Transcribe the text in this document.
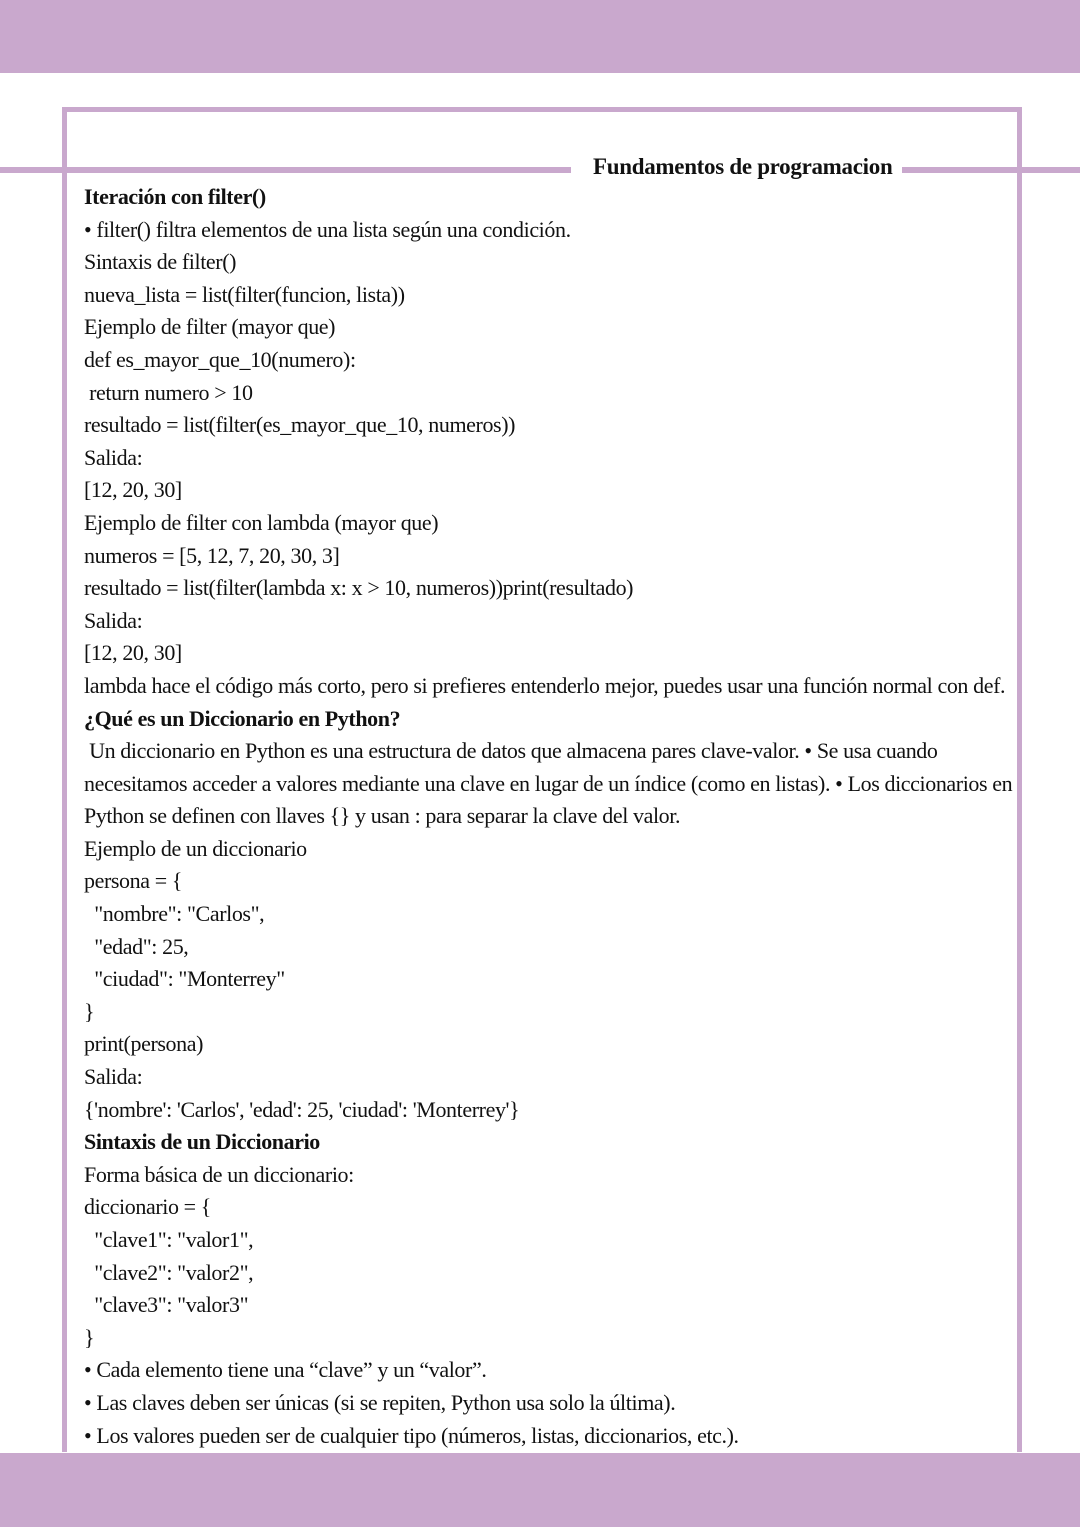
Fundamentos de programacion
Iteración con filter()
• filter() filtra elementos de una lista según una condición.
Sintaxis de filter()
nueva_lista = list(filter(funcion, lista))
Ejemplo de filter (mayor que)
def es_mayor_que_10(numero):
return numero > 10
resultado = list(filter(es_mayor_que_10, numeros))
Salida:
[12, 20, 30]
Ejemplo de filter con lambda (mayor que)
numeros = [5, 12, 7, 20, 30, 3]
resultado = list(filter(lambda x: x > 10, numeros))print(resultado)
Salida:
[12, 20, 30]
lambda hace el código más corto, pero si prefieres entenderlo mejor, puedes usar una función normal con def.
¿Qué es un Diccionario en Python?
Un diccionario en Python es una estructura de datos que almacena pares clave-valor. • Se usa cuando
necesitamos acceder a valores mediante una clave en lugar de un índice (como en listas). • Los diccionarios en
Python se definen con llaves {} y usan : para separar la clave del valor.
Ejemplo de un diccionario
persona = {
"nombre": "Carlos",
"edad": 25,
"ciudad": "Monterrey"
}
print(persona)
Salida:
{'nombre': 'Carlos', 'edad': 25, 'ciudad': 'Monterrey'}
Sintaxis de un Diccionario
Forma básica de un diccionario:
diccionario = {
"clave1": "valor1",
"clave2": "valor2",
"clave3": "valor3"
}
• Cada elemento tiene una “clave” y un “valor”.
• Las claves deben ser únicas (si se repiten, Python usa solo la última).
• Los valores pueden ser de cualquier tipo (números, listas, diccionarios, etc.).
